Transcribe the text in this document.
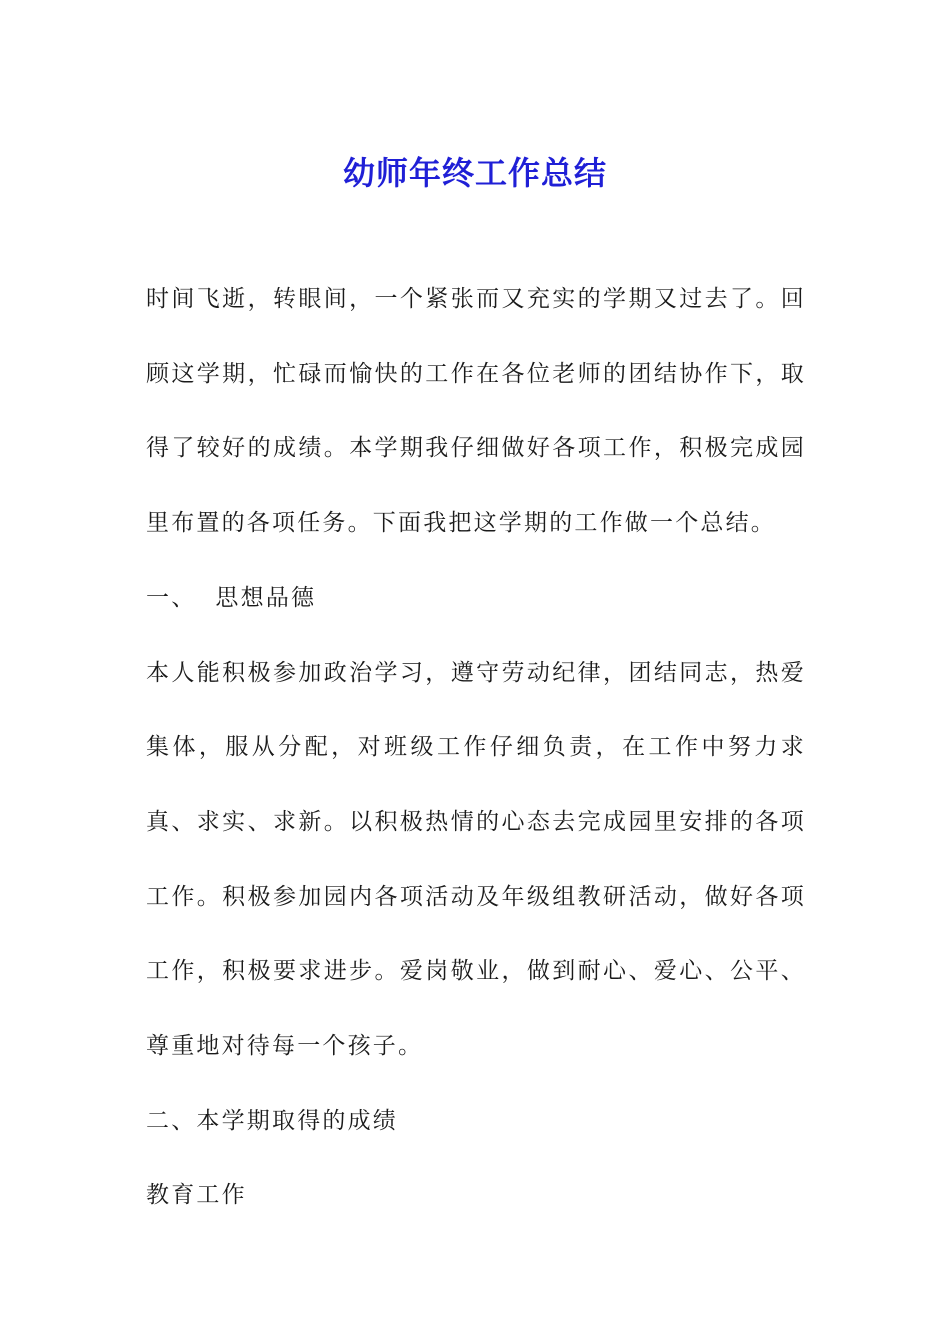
幼师年终工作总结

时间飞逝，转眼间，一个紧张而又充实的学期又过去了。回顾这学期，忙碌而愉快的工作在各位老师的团结协作下，取得了较好的成绩。本学期我仔细做好各项工作，积极完成园里布置的各项任务。下面我把这学期的工作做一个总结。

一、  思想品德

本人能积极参加政治学习，遵守劳动纪律，团结同志，热爱集体，服从分配，对班级工作仔细负责，在工作中努力求真、求实、求新。以积极热情的心态去完成园里安排的各项工作。积极参加园内各项活动及年级组教研活动，做好各项工作，积极要求进步。爱岗敬业，做到耐心、爱心、公平、尊重地对待每一个孩子。

二、本学期取得的成绩

教育工作
